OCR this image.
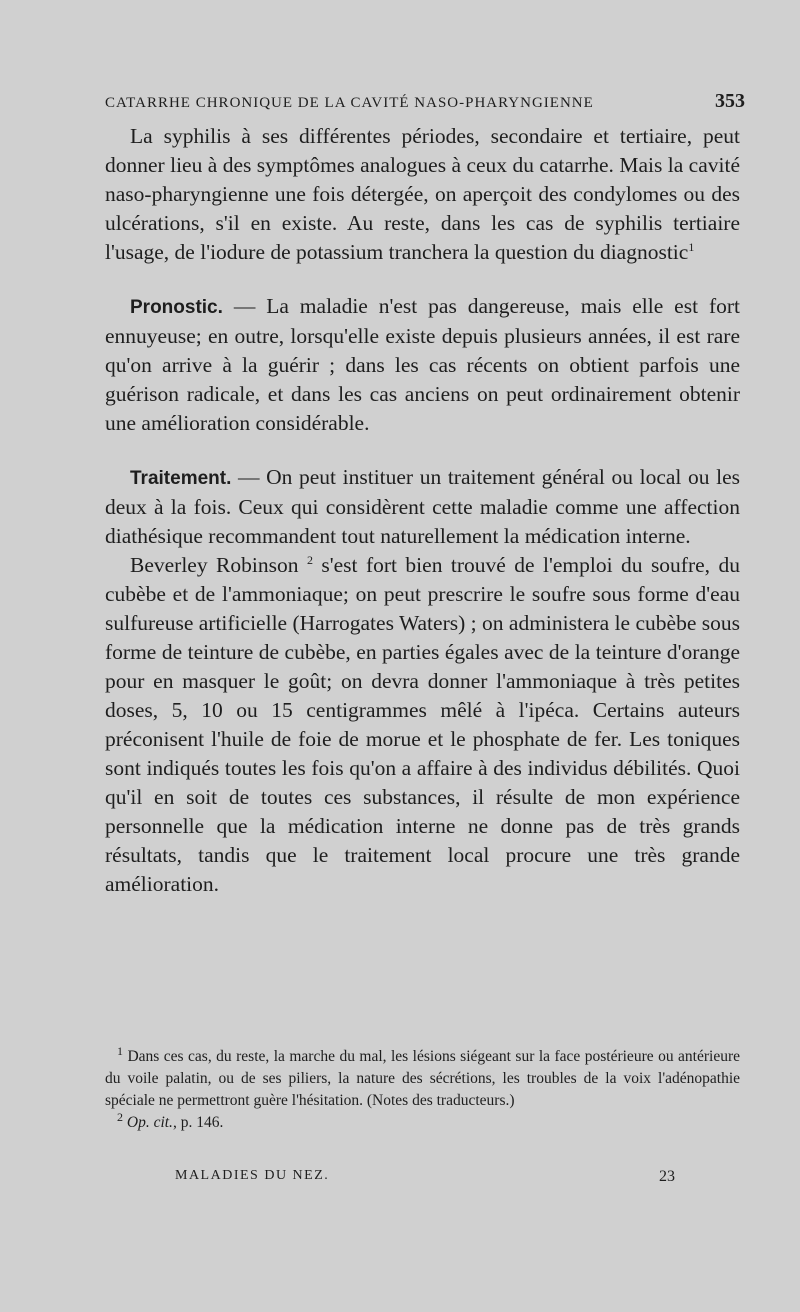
CATARRHE CHRONIQUE DE LA CAVITÉ NASO-PHARYNGIENNE	353

La syphilis à ses différentes périodes, secondaire et tertiaire, peut donner lieu à des symptômes analogues à ceux du catarrhe. Mais la cavité naso-pharyngienne une fois détergée, on aperçoit des condylomes ou des ulcérations, s'il en existe. Au reste, dans les cas de syphilis tertiaire l'usage, de l'iodure de potassium tranchera la question du diagnostic$^1$

Pronostic. — La maladie n'est pas dangereuse, mais elle est fort ennuyeuse; en outre, lorsqu'elle existe depuis plusieurs années, il est rare qu'on arrive à la guérir ; dans les cas récents on obtient parfois une guérison radicale, et dans les cas anciens on peut ordinairement obtenir une amélioration considérable.

Traitement. — On peut instituer un traitement général ou local ou les deux à la fois. Ceux qui considèrent cette maladie comme une affection diathésique recommandent tout naturellement la médication interne.

Beverley Robinson $^2$ s'est fort bien trouvé de l'emploi du soufre, du cubèbe et de l'ammoniaque; on peut prescrire le soufre sous forme d'eau sulfureuse artificielle (Harrogates Waters) ; on administera le cubèbe sous forme de teinture de cubèbe, en parties égales avec de la teinture d'orange pour en masquer le goût; on devra donner l'ammoniaque à très petites doses, 5, 10 ou 15 centigrammes mêlé à l'ipéca. Certains auteurs préconisent l'huile de foie de morue et le phosphate de fer. Les toniques sont indiqués toutes les fois qu'on a affaire à des individus débilités. Quoi qu'il en soit de toutes ces substances, il résulte de mon expérience personnelle que la médication interne ne donne pas de très grands résultats, tandis que le traitement local procure une très grande amélioration.

$^1$ Dans ces cas, du reste, la marche du mal, les lésions siégeant sur la face postérieure ou antérieure du voile palatin, ou de ses piliers, la nature des sécrétions, les troubles de la voix l'adénopathie spéciale ne permettront guère l'hésitation. (Notes des traducteurs.)

$^2$ Op. cit., p. 146.

MALADIES DU NEZ.	23
